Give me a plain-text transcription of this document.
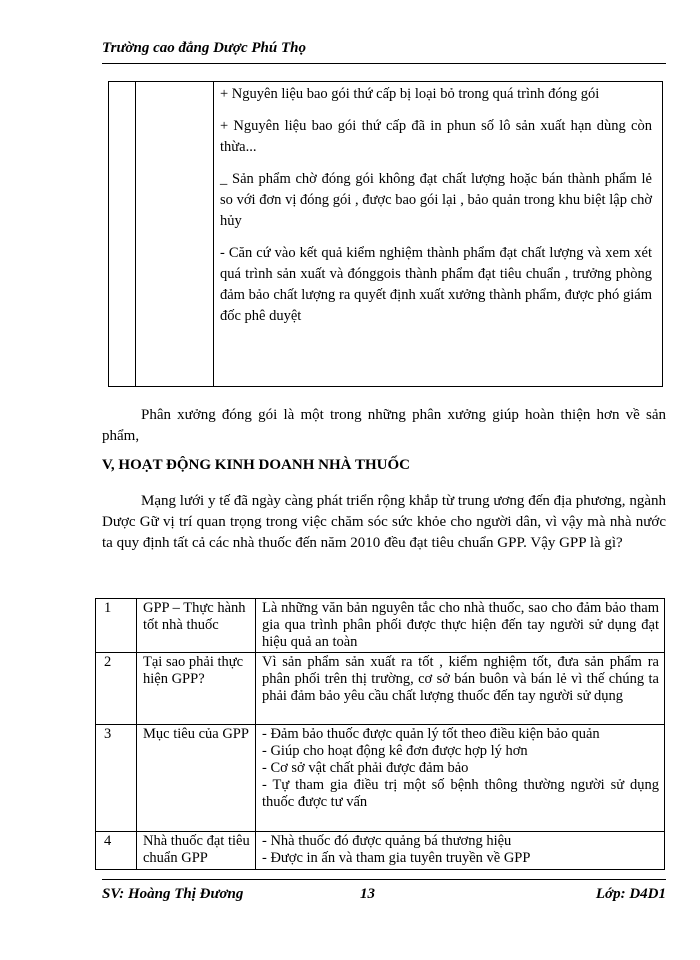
Trường cao đẳng Dược Phú Thọ

+ Nguyên liệu bao gói thứ cấp bị loại bỏ trong quá trình đóng gói

+ Nguyên liệu bao gói thứ cấp đã in phun số lô sản xuất hạn dùng còn thừa...

_ Sản phẩm chờ đóng gói không đạt chất lượng hoặc bán thành phẩm lẻ so với đơn vị đóng gói , được bao gói lại , bảo quản trong khu biệt lập chờ hủy

- Căn cứ vào kết quả kiểm nghiệm thành phẩm đạt chất lượng và xem xét quá trình sản xuất và đónggois thành phẩm đạt tiêu chuẩn , trưởng phòng đảm bảo chất lượng ra quyết định xuất xưởng thành phẩm, được phó giám đốc phê duyệt

Phân xưởng đóng gói là một trong những phân xưởng giúp hoàn thiện hơn về sản phẩm,

V, HOẠT ĐỘNG KINH DOANH NHÀ THUỐC

Mạng lưới y tế đã ngày càng phát triển rộng khắp từ trung ương đến địa phương, ngành Dược Gữ vị trí quan trọng trong việc chăm sóc sức khỏe cho người dân, vì vậy mà nhà nước ta quy định tất cả các nhà thuốc đến năm 2010 đều đạt tiêu chuẩn GPP. Vậy GPP là gì?

1	GPP – Thực hành tốt nhà thuốc	Là những văn bản nguyên tắc cho nhà thuốc, sao cho đảm bảo tham gia qua trình phân phối được thực hiện đến tay người sử dụng đạt hiệu quả an toàn

2	Tại sao phải thực hiện GPP?	Vì sản phẩm sản xuất ra tốt , kiểm nghiệm tốt, đưa sản phẩm ra phân phối trên thị trường, cơ sở bán buôn và bán lẻ vì thế chúng ta phải đảm bảo yêu cầu chất lượng thuốc đến tay người sử dụng

3	Mục tiêu của GPP	- Đảm bảo thuốc được quản lý tốt theo điều kiện bảo quản
- Giúp cho hoạt động kê đơn được hợp lý hơn
- Cơ sở vật chất phải được đảm bảo
- Tự tham gia điều trị một số bệnh thông thường người sử dụng thuốc được tư vấn

4	Nhà thuốc đạt tiêu chuẩn GPP	- Nhà thuốc đó được quảng bá thương hiệu
- Được in ấn và tham gia tuyên truyền về GPP
SV: Hoàng Thị Đương	13	Lớp: D4D1
